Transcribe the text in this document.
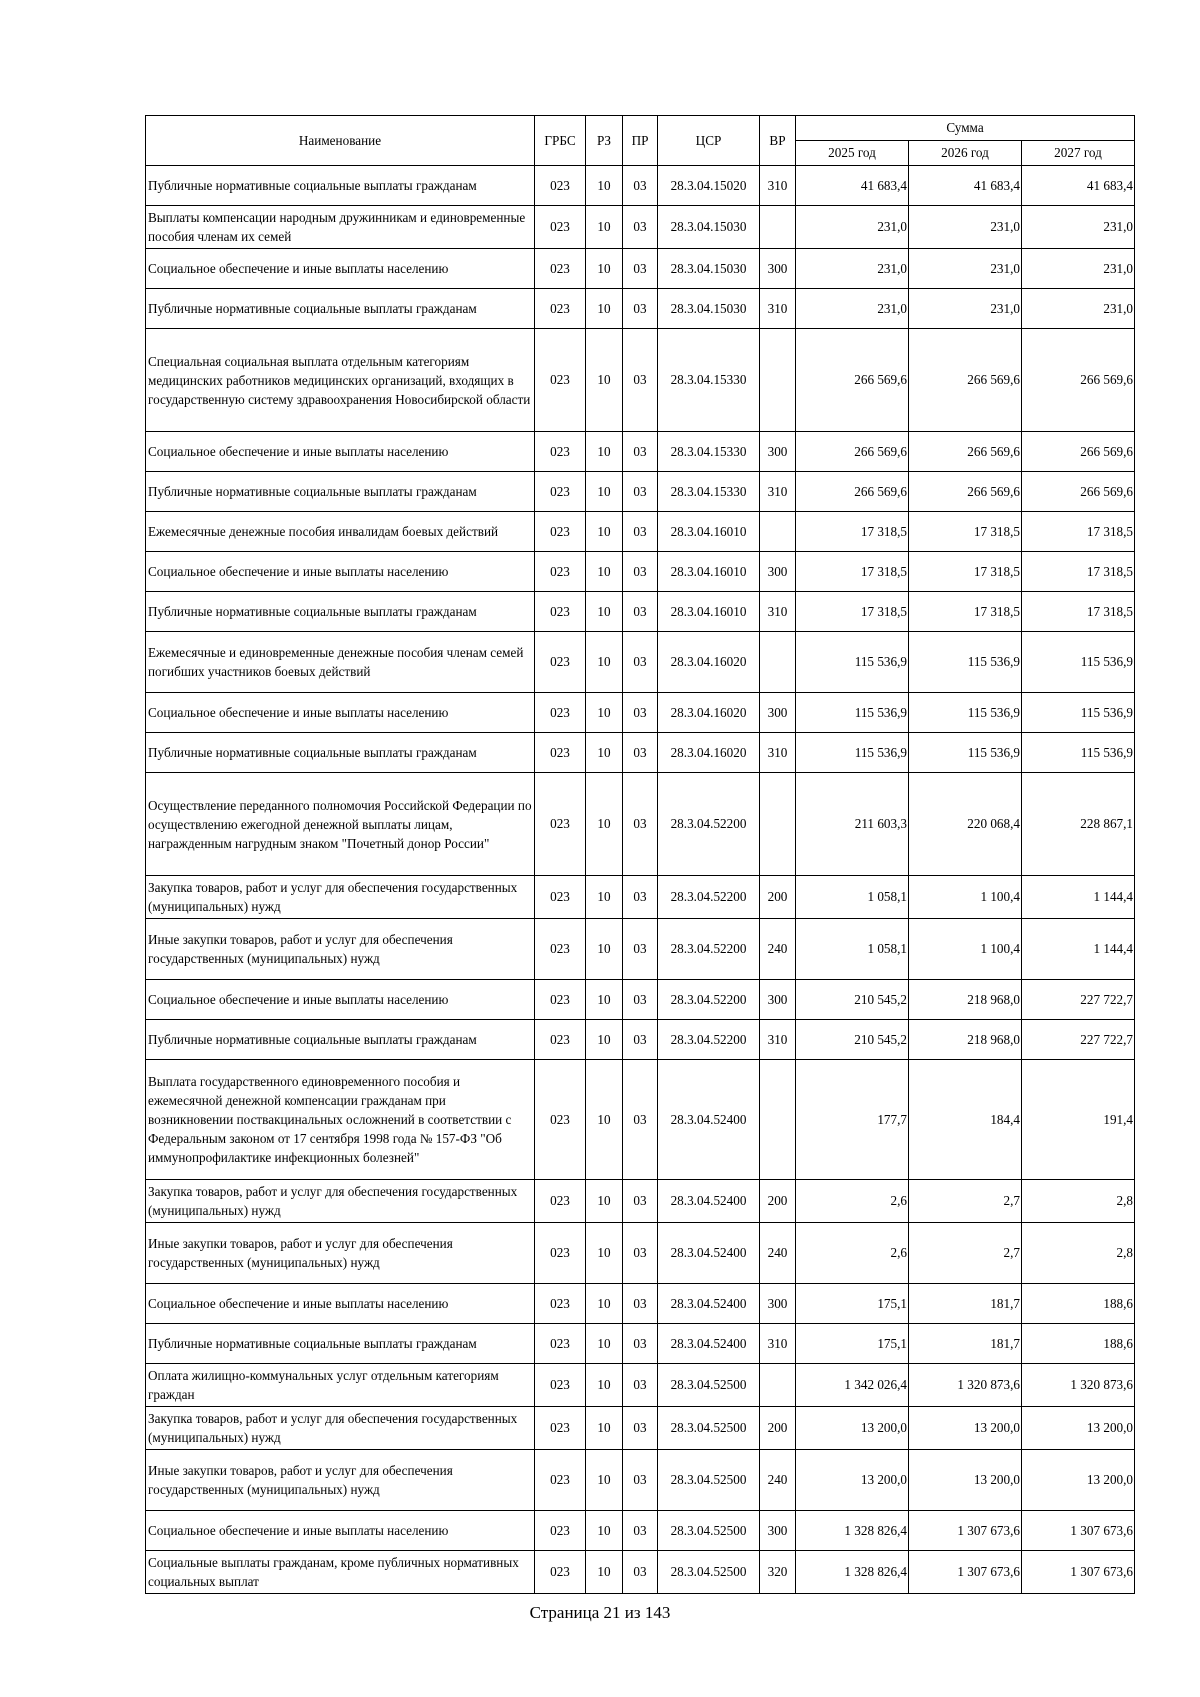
Наименование	ГРБС	РЗ	ПР	ЦСР	ВР	Сумма		
						2025 год	2026 год	2027 год
Публичные нормативные социальные выплаты гражданам	023	10	03	28.3.04.15020	310	41 683,4	41 683,4	41 683,4
Выплаты компенсации народным дружинникам и единовременные пособия членам их семей	023	10	03	28.3.04.15030		231,0	231,0	231,0
Социальное обеспечение и иные выплаты населению	023	10	03	28.3.04.15030	300	231,0	231,0	231,0
Публичные нормативные социальные выплаты гражданам	023	10	03	28.3.04.15030	310	231,0	231,0	231,0
Специальная социальная выплата отдельным категориям медицинских работников медицинских организаций, входящих в государственную систему здравоохранения Новосибирской области	023	10	03	28.3.04.15330		266 569,6	266 569,6	266 569,6
Социальное обеспечение и иные выплаты населению	023	10	03	28.3.04.15330	300	266 569,6	266 569,6	266 569,6
Публичные нормативные социальные выплаты гражданам	023	10	03	28.3.04.15330	310	266 569,6	266 569,6	266 569,6
Ежемесячные денежные пособия инвалидам боевых действий	023	10	03	28.3.04.16010		17 318,5	17 318,5	17 318,5
Социальное обеспечение и иные выплаты населению	023	10	03	28.3.04.16010	300	17 318,5	17 318,5	17 318,5
Публичные нормативные социальные выплаты гражданам	023	10	03	28.3.04.16010	310	17 318,5	17 318,5	17 318,5
Ежемесячные и единовременные денежные пособия членам семей погибших участников боевых действий	023	10	03	28.3.04.16020		115 536,9	115 536,9	115 536,9
Социальное обеспечение и иные выплаты населению	023	10	03	28.3.04.16020	300	115 536,9	115 536,9	115 536,9
Публичные нормативные социальные выплаты гражданам	023	10	03	28.3.04.16020	310	115 536,9	115 536,9	115 536,9
Осуществление переданного полномочия Российской Федерации по осуществлению ежегодной денежной выплаты лицам, награжденным нагрудным знаком "Почетный донор России"	023	10	03	28.3.04.52200		211 603,3	220 068,4	228 867,1
Закупка товаров, работ и услуг для обеспечения государственных (муниципальных) нужд	023	10	03	28.3.04.52200	200	1 058,1	1 100,4	1 144,4
Иные закупки товаров, работ и услуг для обеспечения государственных (муниципальных) нужд	023	10	03	28.3.04.52200	240	1 058,1	1 100,4	1 144,4
Социальное обеспечение и иные выплаты населению	023	10	03	28.3.04.52200	300	210 545,2	218 968,0	227 722,7
Публичные нормативные социальные выплаты гражданам	023	10	03	28.3.04.52200	310	210 545,2	218 968,0	227 722,7
Выплата государственного единовременного пособия и ежемесячной денежной компенсации гражданам при возникновении поствакцинальных осложнений в соответствии с Федеральным законом от 17 сентября 1998 года № 157-ФЗ "Об иммунопрофилактике инфекционных болезней"	023	10	03	28.3.04.52400		177,7	184,4	191,4
Закупка товаров, работ и услуг для обеспечения государственных (муниципальных) нужд	023	10	03	28.3.04.52400	200	2,6	2,7	2,8
Иные закупки товаров, работ и услуг для обеспечения государственных (муниципальных) нужд	023	10	03	28.3.04.52400	240	2,6	2,7	2,8
Социальное обеспечение и иные выплаты населению	023	10	03	28.3.04.52400	300	175,1	181,7	188,6
Публичные нормативные социальные выплаты гражданам	023	10	03	28.3.04.52400	310	175,1	181,7	188,6
Оплата жилищно-коммунальных услуг отдельным категориям граждан	023	10	03	28.3.04.52500		1 342 026,4	1 320 873,6	1 320 873,6
Закупка товаров, работ и услуг для обеспечения государственных (муниципальных) нужд	023	10	03	28.3.04.52500	200	13 200,0	13 200,0	13 200,0
Иные закупки товаров, работ и услуг для обеспечения государственных (муниципальных) нужд	023	10	03	28.3.04.52500	240	13 200,0	13 200,0	13 200,0
Социальное обеспечение и иные выплаты населению	023	10	03	28.3.04.52500	300	1 328 826,4	1 307 673,6	1 307 673,6
Социальные выплаты гражданам, кроме публичных нормативных социальных выплат	023	10	03	28.3.04.52500	320	1 328 826,4	1 307 673,6	1 307 673,6
Страница 21 из 143
